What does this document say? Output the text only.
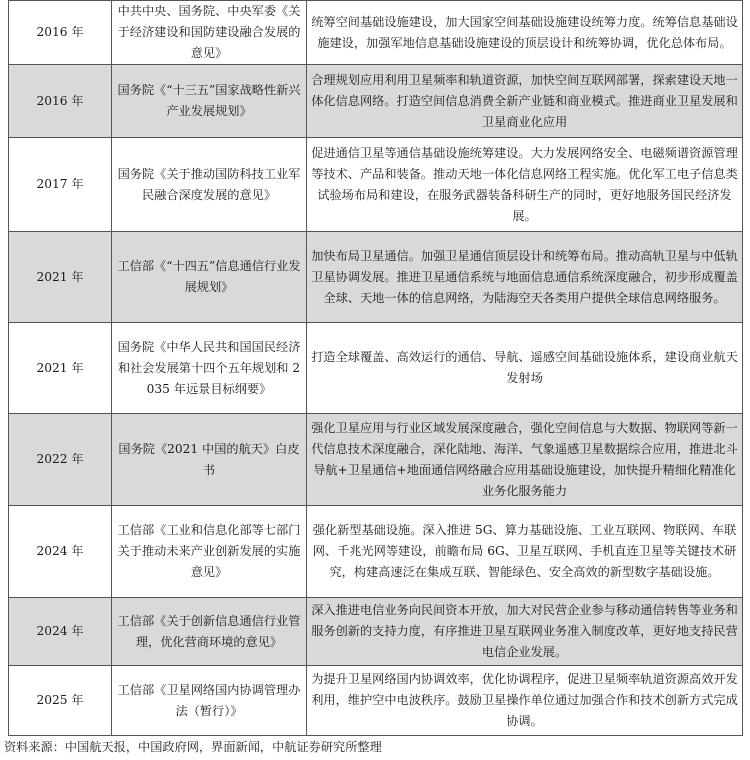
2016 年	中共中央、国务院、中央军委《关于经济建设和国防建设融合发展的意见》	统筹空间基础设施建设，加大国家空间基础设施建设统筹力度。统筹信息基础设施建设，加强军地信息基础设施建设的顶层设计和统筹协调，优化总体布局。
2016 年	国务院《“十三五”国家战略性新兴产业发展规划》	合理规划应用利用卫星频率和轨道资源，加快空间互联网部署，探索建设天地一体化信息网络。打造空间信息消费全新产业链和商业模式。推进商业卫星发展和卫星商业化应用
2017 年	国务院《关于推动国防科技工业军民融合深度发展的意见》	促进通信卫星等通信基础设施统筹建设。大力发展网络安全、电磁频谱资源管理等技术、产品和装备。推动天地一体化信息网络工程实施。优化军工电子信息类试验场布局和建设，在服务武器装备科研生产的同时，更好地服务国民经济发展。
2021 年	工信部《“十四五”信息通信行业发展规划》	加快布局卫星通信。加强卫星通信顶层设计和统筹布局。推动高轨卫星与中低轨卫星协调发展。推进卫星通信系统与地面信息通信系统深度融合，初步形成覆盖全球、天地一体的信息网络，为陆海空天各类用户提供全球信息网络服务。
2021 年	国务院《中华人民共和国国民经济和社会发展第十四个五年规划和 2035 年远景目标纲要》	打造全球覆盖、高效运行的通信、导航、遥感空间基础设施体系，建设商业航天发射场
2022 年	国务院《2021 中国的航天》白皮书	强化卫星应用与行业区域发展深度融合，强化空间信息与大数据、物联网等新一代信息技术深度融合，深化陆地、海洋、气象遥感卫星数据综合应用，推进北斗导航+卫星通信+地面通信网络融合应用基础设施建设，加快提升精细化精准化业务化服务能力
2024 年	工信部《工业和信息化部等七部门关于推动未来产业创新发展的实施意见》	强化新型基础设施。深入推进 5G、算力基础设施、工业互联网、物联网、车联网、千兆光网等建设，前瞻布局 6G、卫星互联网、手机直连卫星等关键技术研究，构建高速泛在集成互联、智能绿色、安全高效的新型数字基础设施。
2024 年	工信部《关于创新信息通信行业管理，优化营商环境的意见》	深入推进电信业务向民间资本开放，加大对民营企业参与移动通信转售等业务和服务创新的支持力度，有序推进卫星互联网业务准入制度改革，更好地支持民营电信企业发展。
2025 年	工信部《卫星网络国内协调管理办法（暂行）》	为提升卫星网络国内协调效率，优化协调程序，促进卫星频率轨道资源高效开发利用，维护空中电波秩序。鼓励卫星操作单位通过加强合作和技术创新方式完成协调。
资料来源：中国航天报，中国政府网，界面新闻，中航证券研究所整理
